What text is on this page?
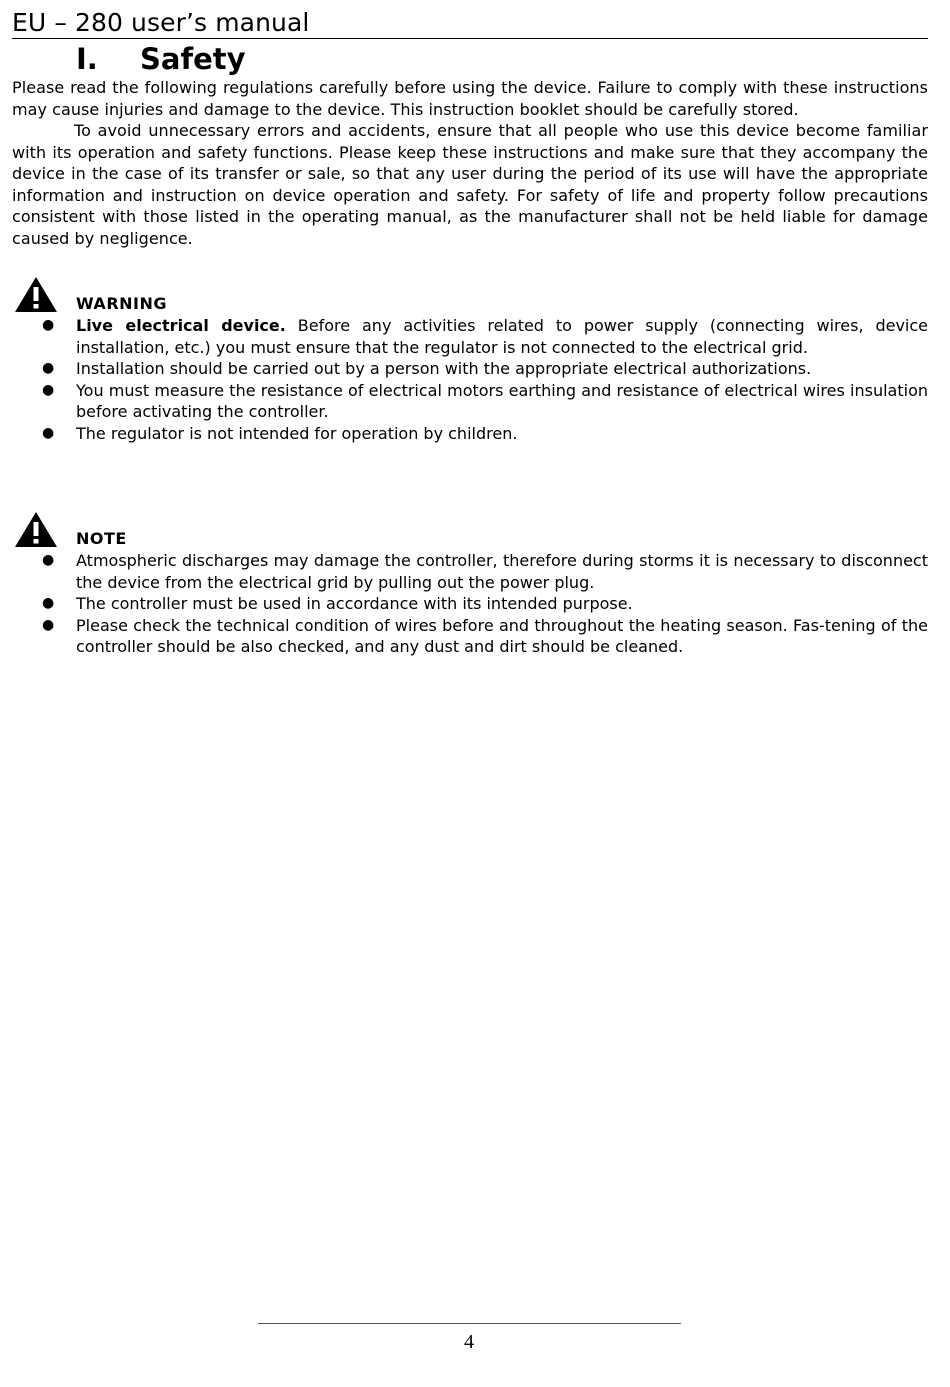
EU – 280 user’s manual
I.	Safety

Please read the following regulations carefully before using the device. Failure to comply with these instructions may cause injuries and damage to the device. This instruction booklet should be carefully stored.

To avoid unnecessary errors and accidents, ensure that all people who use this device become familiar with its operation and safety functions. Please keep these instructions and make sure that they accompany the device in the case of its transfer or sale, so that any user during the period of its use will have the appropriate information and instruction on device operation and safety. For safety of life and property follow precautions consistent with those listed in the operating manual, as the manufacturer shall not be held liable for damage caused by negligence.

WARNING
● Live electrical device. Before any activities related to power supply (connecting wires, device installation, etc.) you must ensure that the regulator is not connected to the electrical grid.
● Installation should be carried out by a person with the appropriate electrical authorizations.
● You must measure the resistance of electrical motors earthing and resistance of electrical wires insulation before activating the controller.
● The regulator is not intended for operation by children.
NOTE
● Atmospheric discharges may damage the controller, therefore during storms it is necessary to disconnect the device from the electrical grid by pulling out the power plug.
● The controller must be used in accordance with its intended purpose.
● Please check the technical condition of wires before and throughout the heating season. Fas-tening of the controller should be also checked, and any dust and dirt should be cleaned.
4
